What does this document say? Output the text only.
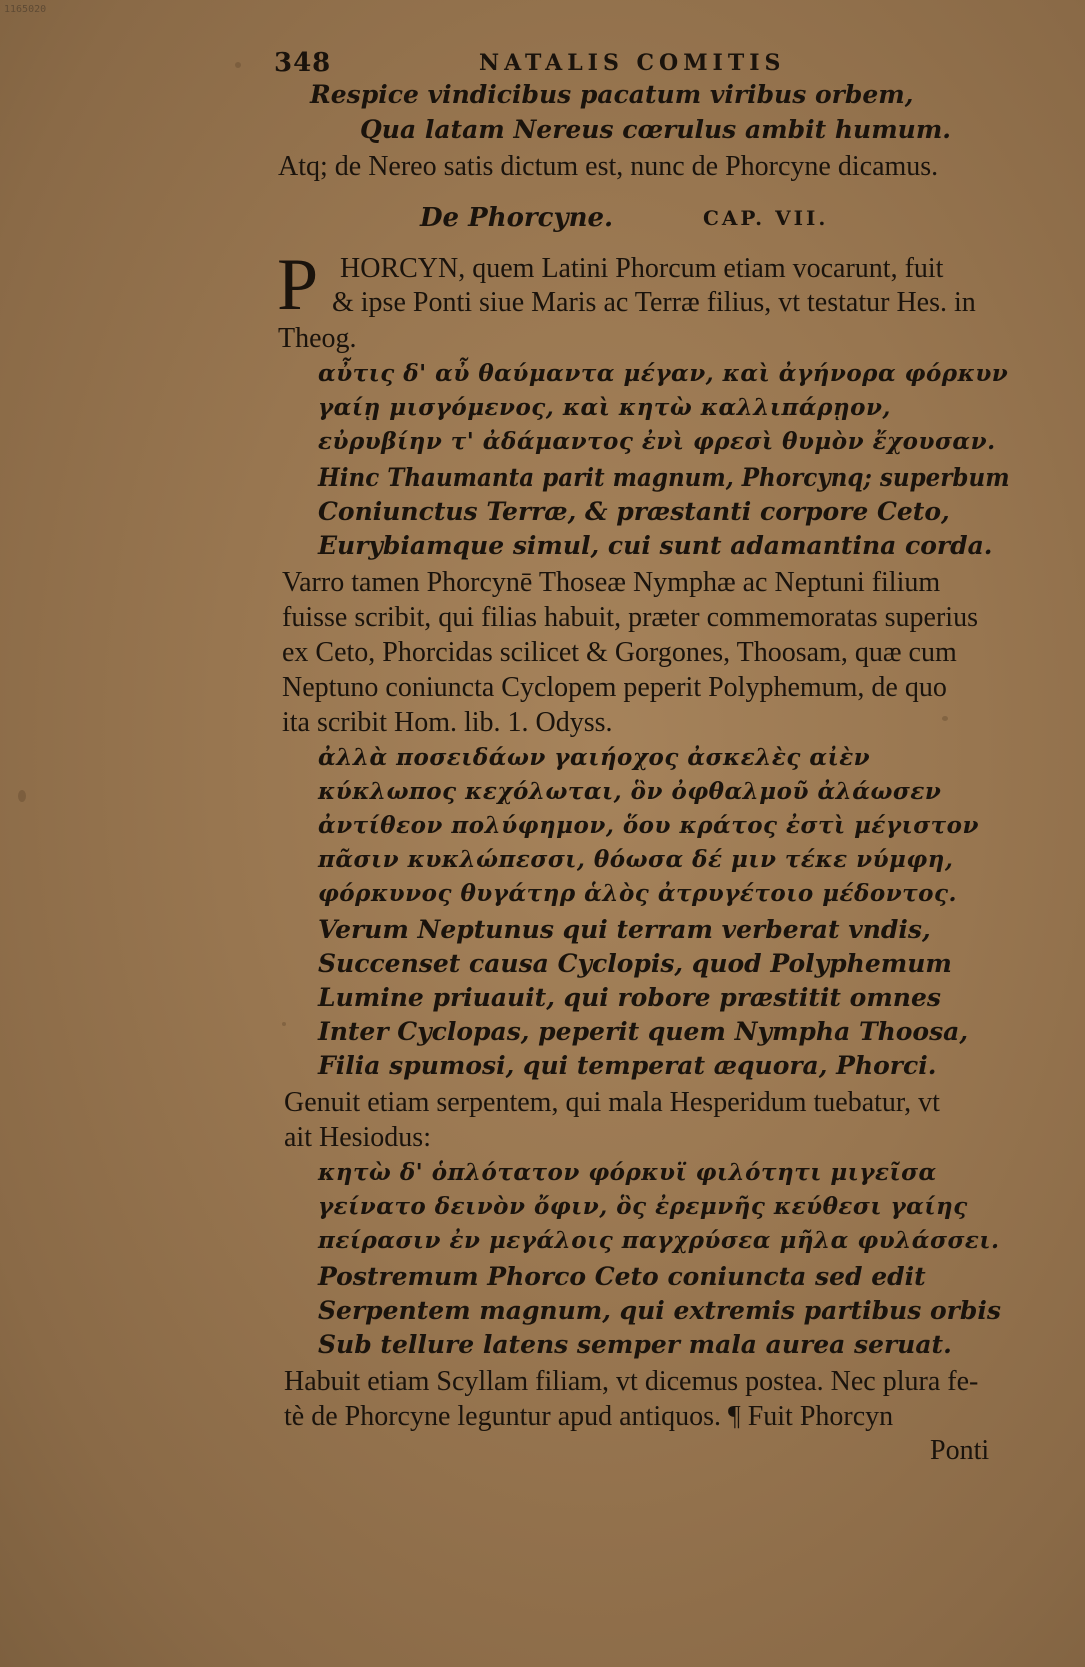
1165020
348	NATALIS COMITIS
Respice vindicibus pacatum viribus orbem,
Qua latam Nereus cœrulus ambit humum.
Atq; de Nereo satis dictum est, nunc de Phorcyne dicamus.
De Phorcyne.	CAP. VII.
P HORCYN, quem Latini Phorcum etiam vocarunt, fuit
& ipse Ponti siue Maris ac Terræ filius, vt testatur Hes. in
Theog.
αὖτις δ' αὖ θαύμαντα μέγαν, καὶ ἀγήνορα φόρκυν
γαίῃ μισγόμενος, καὶ κητὼ καλλιπάρῃον,
εὐρυβίην τ' ἀδάμαντος ἐνὶ φρεσὶ θυμὸν ἔχουσαν.
Hinc Thaumanta parit magnum, Phorcynq; superbum
Coniunctus Terræ, & præstanti corpore Ceto,
Eurybiamque simul, cui sunt adamantina corda.
Varro tamen Phorcynē Thoseæ Nymphæ ac Neptuni filium
fuisse scribit, qui filias habuit, præter commemoratas superius
ex Ceto, Phorcidas scilicet & Gorgones, Thoosam, quæ cum
Neptuno coniuncta Cyclopem peperit Polyphemum, de quo
ita scribit Hom. lib. 1. Odyss.
ἀλλὰ ποσειδάων γαιήοχος ἀσκελὲς αἰὲν
κύκλωπος κεχόλωται, ὃν ὀφθαλμοῦ ἀλάωσεν
ἀντίθεον πολύφημον, ὅου κράτος ἐστὶ μέγιστον
πᾶσιν κυκλώπεσσι, θόωσα δέ μιν τέκε νύμφη,
φόρκυνος θυγάτηρ ἁλὸς ἀτρυγέτοιο μέδοντος.
Verum Neptunus qui terram verberat vndis,
Succenset causa Cyclopis, quod Polyphemum
Lumine priuauit, qui robore præstitit omnes
Inter Cyclopas, peperit quem Nympha Thoosa,
Filia spumosi, qui temperat æquora, Phorci.
Genuit etiam serpentem, qui mala Hesperidum tuebatur, vt
ait Hesiodus:
κητὼ δ' ὁπλότατον φόρκυϊ φιλότητι μιγεῖσα
γείνατο δεινὸν ὄφιν, ὃς ἐρεμνῆς κεύθεσι γαίης
πείρασιν ἐν μεγάλοις παγχρύσεα μῆλα φυλάσσει.
Postremum Phorco Ceto coniuncta sed edit
Serpentem magnum, qui extremis partibus orbis
Sub tellure latens semper mala aurea seruat.
Habuit etiam Scyllam filiam, vt dicemus postea. Nec plura fe-
tè de Phorcyne leguntur apud antiquos. ¶ Fuit Phorcyn
Ponti
